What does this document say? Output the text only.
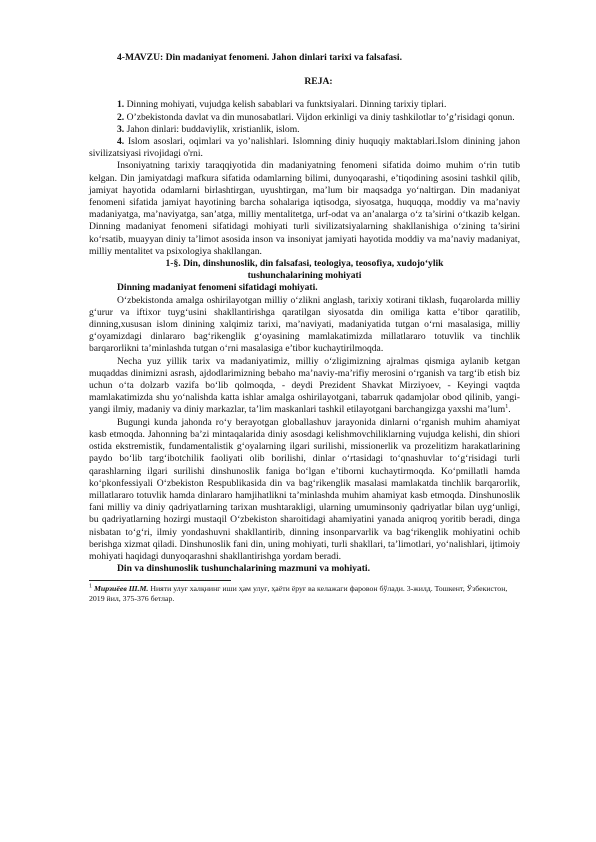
4-MAVZU: Din madaniyat fenomeni. Jahon dinlari tarixi va falsafasi.

REJA:

1. Dinning mohiyati, vujudga kelish sabablari va funktsiyalari. Dinning tarixiy tiplari.

2. O’zbekistonda davlat va din munosabatlari. Vijdon erkinligi va diniy tashkilotlar to’g’risidagi qonun.

3. Jahon dinlari: buddaviylik, xristianlik, islom.

4. Islom asoslari, oqimlari va yo’nalishlari. Islomning diniy huquqiy maktablari.Islom dinining jahon sivilizatsiyasi rivojidagi o'rni.

Insoniyatning tarixiy taraqqiyotida din madaniyatning fenomeni sifatida doimo muhim o‘rin tutib kelgan. Din jamiyatdagi mafkura sifatida odamlarning bilimi, dunyoqarashi, e’tiqodining asosini tashkil qilib, jamiyat hayotida odamlarni birlashtirgan, uyushtirgan, ma’lum bir maqsadga yo‘naltirgan. Din madaniyat fenomeni sifatida jamiyat hayotining barcha sohalariga iqtisodga, siyosatga, huquqqa, moddiy va ma’naviy madaniyatga, ma’naviyatga, san’atga, milliy mentalitetga, urf-odat va an’analarga o‘z ta’sirini o‘tkazib kelgan. Dinning madaniyat fenomeni sifatidagi mohiyati turli sivilizatsiyalarning shakllanishiga o‘zining ta’sirini ko‘rsatib, muayyan diniy ta’limot asosida inson va insoniyat jamiyati hayotida moddiy va ma’naviy madaniyat, milliy mentalitet va psixologiya shakllangan.

1-§. Din, dinshunoslik, din falsafasi, teologiya, teosofiya, xudojo‘ylik
tushunchalarining mohiyati

Dinning madaniyat fenomeni sifatidagi mohiyati.

O‘zbekistonda amalga oshirilayotgan milliy o‘zlikni anglash, tarixiy xotirani tiklash, fuqarolarda milliy g‘urur va iftixor tuyg‘usini shakllantirishga qaratilgan siyosatda din omiliga katta e’tibor qaratilib, dinning,xususan islom dinining xalqimiz tarixi, ma’naviyati, madaniyatida tutgan o‘rni masalasiga, milliy g‘oyamizdagi dinlararo bag‘rikenglik g‘oyasining mamlakatimizda millatlararo totuvlik va tinchlik barqarorlikni ta’minlashda tutgan o‘rni masalasiga e’tibor kuchaytirilmoqda.

Necha yuz yillik tarix va madaniyatimiz, milliy o‘zligimizning ajralmas qismiga aylanib ketgan muqaddas dinimizni asrash, ajdodlarimizning bebaho ma’naviy-ma’rifiy merosini o‘rganish va targ‘ib etish biz uchun o‘ta dolzarb vazifa bo‘lib qolmoqda, - deydi Prezident Shavkat Mirziyoev, - Keyingi vaqtda mamlakatimizda shu yo‘nalishda katta ishlar amalga oshirilayotgani, tabarruk qadamjolar obod qilinib, yangi-yangi ilmiy, madaniy va diniy markazlar, ta’lim maskanlari tashkil etilayotgani barchangizga yaxshi ma’lum$^1$.

Bugungi kunda jahonda ro‘y berayotgan globallashuv jarayonida dinlarni o‘rganish muhim ahamiyat kasb etmoqda. Jahonning ba’zi mintaqalarida diniy asosdagi kelishmovchiliklarning vujudga kelishi, din shiori ostida ekstremistik, fundamentalistik g‘oyalarning ilgari surilishi, missionerlik va prozelitizm harakatlarining paydo bo‘lib targ‘ibotchilik faoliyati olib borilishi, dinlar o‘rtasidagi to‘qnashuvlar to‘g‘risidagi turli qarashlarning ilgari surilishi dinshunoslik faniga bo‘lgan e’tiborni kuchaytirmoqda. Ko‘pmillatli hamda ko‘pkonfessiyali O‘zbekiston Respublikasida din va bag‘rikenglik masalasi mamlakatda tinchlik barqarorlik, millatlararo totuvlik hamda dinlararo hamjihatlikni ta’minlashda muhim ahamiyat kasb etmoqda. Dinshunoslik fani milliy va diniy qadriyatlarning tarixan mushtarakligi, ularning umuminsoniy qadriyatlar bilan uyg‘unligi, bu qadriyatlarning hozirgi mustaqil O‘zbekiston sharoitidagi ahamiyatini yanada aniqroq yoritib beradi, dinga nisbatan to‘g‘ri, ilmiy yondashuvni shakllantirib, dinning insonparvarlik va bag‘rikenglik mohiyatini ochib berishga xizmat qiladi. Dinshunoslik fani din, uning mohiyati, turli shakllari, ta’limotlari, yo‘nalishlari, ijtimoiy mohiyati haqidagi dunyoqarashni shakllantirishga yordam beradi.

Din va dinshunoslik tushunchalarining mazmuni va mohiyati.

$^1$ Мирзиёев Ш.М. Нияти улуғ халқнинг иши ҳам улуғ, ҳаёти ёруғ ва келажаги фаровон бўлади. 3-жилд. Тошкент, Ўзбекистон, 2019 йил, 375-376 бетлар.
